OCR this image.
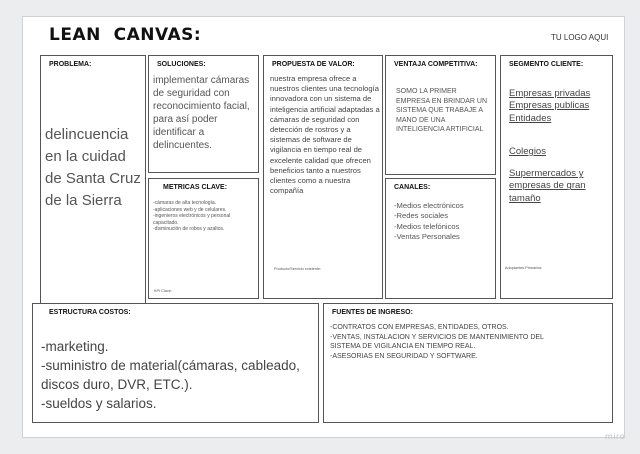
LEAN  CANVAS:	TU LOGO AQUI
PROBLEMA:
delincuencia en la cuidad de Santa Cruz de la Sierra
SOLUCIONES:
implementar cámaras de seguridad con reconocimiento facial, para así poder identificar a delincuentes.
METRICAS CLAVE:

-cámaras de alta tecnología.

-aplicaciones web y de celulares.

-ingenieros electrónicos y personal capacitado.

-disminución de robos y azaltos.

KPI Clave:
PROPUESTA DE VALOR:
nuestra empresa ofrece a nuestros clientes una tecnología innovadora con un sistema de inteligencia artificial adaptadas a cámaras de seguridad con detección de rostros y a sistemas de software de vigilancia en tiempo real de excelente calidad que ofrecen beneficios tanto a nuestros clientes como a nuestra compañía
Producto/Servicio existente:
VENTAJA COMPETITIVA:
SOMO LA PRIMER EMPRESA EN BRINDAR UN SISTEMA QUE TRABAJE A MANO DE UNA INTELIGENCIA ARTIFICIAL
CANALES:

-Medios electrónicos

-Redes sociales

-Medios telefónicos

-Ventas Personales

SEGMENTO CLIENTE:

Empresas privadas

Empresas publicas

Entidades

Colegios
Supermercados y empresas de gran tamaño
Adoptantes Primarios:
ESTRUCTURA COSTOS:

-marketing.

-suministro de material(cámaras, cableado, discos duro, DVR, ETC.).

-sueldos y salarios.

FUENTES DE INGRESO:

-CONTRATOS CON EMPRESAS, ENTIDADES, OTROS.

-VENTAS, INSTALACION Y SERVICIOS DE MANTENIMIENTO DEL SISTEMA DE VIGILANCIA EN TIEMPO REAL.

-ASESORIAS EN SEGURIDAD Y SOFTWARE.

miro
